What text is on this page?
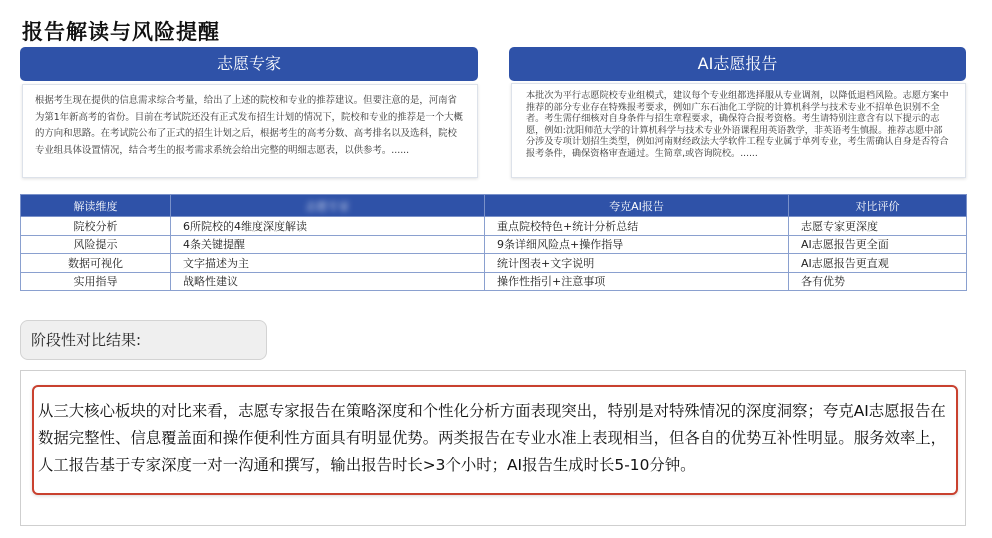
报告解读与风险提醒
志愿专家
根据考生现在提供的信息需求综合考量，给出了上述的院校和专业的推荐建议。但要注意的是，河南省为第1年新高考的省份。目前在考试院还没有正式发布招生计划的情况下，院校和专业的推荐是一个大概的方向和思路。在考试院公布了正式的招生计划之后，根据考生的高考分数、高考排名以及选科，院校专业组具体设置情况，结合考生的报考需求系统会给出完整的明细志愿表，以供参考。......
AI志愿报告
本批次为平行志愿院校专业组模式，建议每个专业组都选择服从专业调剂，以降低退档风险。志愿方案中推荐的部分专业存在特殊报考要求，例如广东石油化工学院的计算机科学与技术专业不招单色识别不全者。考生需仔细核对自身条件与招生章程要求，确保符合报考资格。考生请特别注意含有以下提示的志愿，例如:沈阳师范大学的计算机科学与技术专业外语课程用英语教学，非英语考生慎报。推荐志愿中部分涉及专项计划招生类型，例如河南财经政法大学软件工程专业属于单列专业，考生需确认自身是否符合报考条件，确保资格审查通过。生简章,或咨询院校。......
解读维度	志愿专家	夸克AI报告	对比评价
院校分析	6所院校的4维度深度解读	重点院校特色+统计分析总结	志愿专家更深度
风险提示	4条关键提醒	9条详细风险点+操作指导	AI志愿报告更全面
数据可视化	文字描述为主	统计图表+文字说明	AI志愿报告更直观
实用指导	战略性建议	操作性指引+注意事项	各有优势
阶段性对比结果:
从三大核心板块的对比来看，志愿专家报告在策略深度和个性化分析方面表现突出，特别是对特殊情况的深度洞察；夸克AI志愿报告在数据完整性、信息覆盖面和操作便利性方面具有明显优势。两类报告在专业水准上表现相当，但各自的优势互补性明显。服务效率上，人工报告基于专家深度一对一沟通和撰写，输出报告时长>3个小时；AI报告生成时长5-10分钟。
